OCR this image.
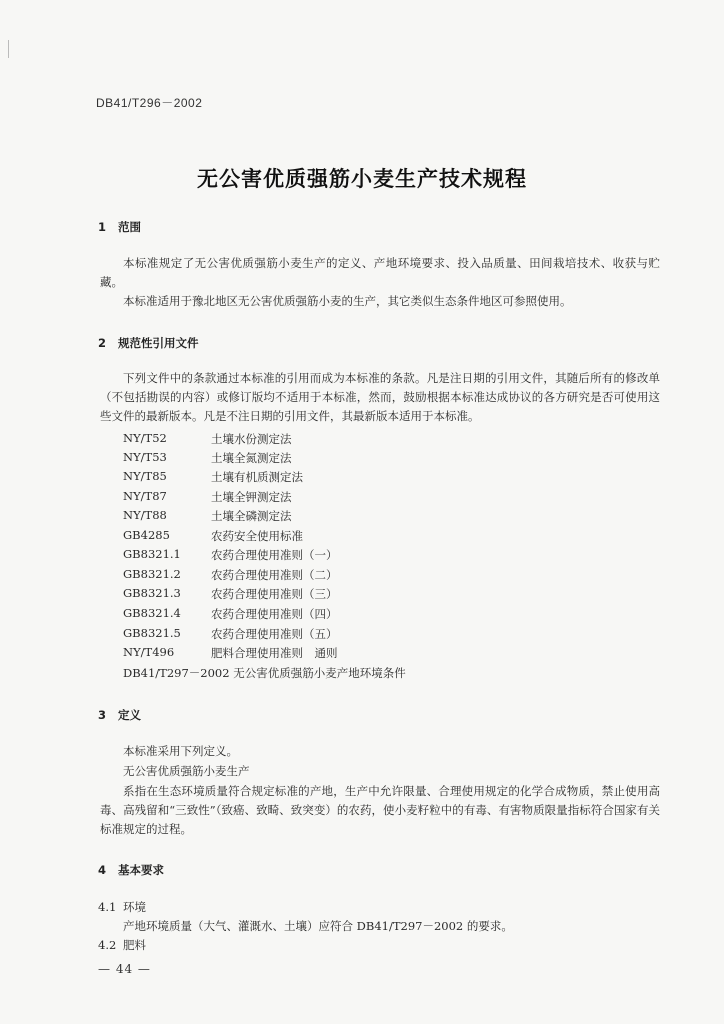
DB41/T296－2002
无公害优质强筋小麦生产技术规程
1 范围
本标准规定了无公害优质强筋小麦生产的定义、产地环境要求、投入品质量、田间栽培技术、收获与贮藏。
本标准适用于豫北地区无公害优质强筋小麦的生产，其它类似生态条件地区可参照使用。
2 规范性引用文件
下列文件中的条款通过本标准的引用而成为本标准的条款。凡是注日期的引用文件，其随后所有的修改单（不包括勘误的内容）或修订版均不适用于本标准，然而，鼓励根据本标准达成协议的各方研究是否可使用这些文件的最新版本。凡是不注日期的引用文件，其最新版本适用于本标准。
NY/T52	土壤水份测定法
NY/T53	土壤全氮测定法
NY/T85	土壤有机质测定法
NY/T87	土壤全钾测定法
NY/T88	土壤全磷测定法
GB4285	农药安全使用标准
GB8321.1	农药合理使用准则（一）
GB8321.2	农药合理使用准则（二）
GB8321.3	农药合理使用准则（三）
GB8321.4	农药合理使用准则（四）
GB8321.5	农药合理使用准则（五）
NY/T496	肥料合理使用准则　通则
DB41/T297－2002 无公害优质强筋小麦产地环境条件
3 定义
本标准采用下列定义。
无公害优质强筋小麦生产
系指在生态环境质量符合规定标准的产地，生产中允许限量、合理使用规定的化学合成物质，禁止使用高毒、高残留和“三致性”（致癌、致畸、致突变）的农药，使小麦籽粒中的有毒、有害物质限量指标符合国家有关标准规定的过程。
4 基本要求
4.1 环境
产地环境质量（大气、灌溉水、土壤）应符合 DB41/T297－2002 的要求。
4.2 肥料
— 44 —
